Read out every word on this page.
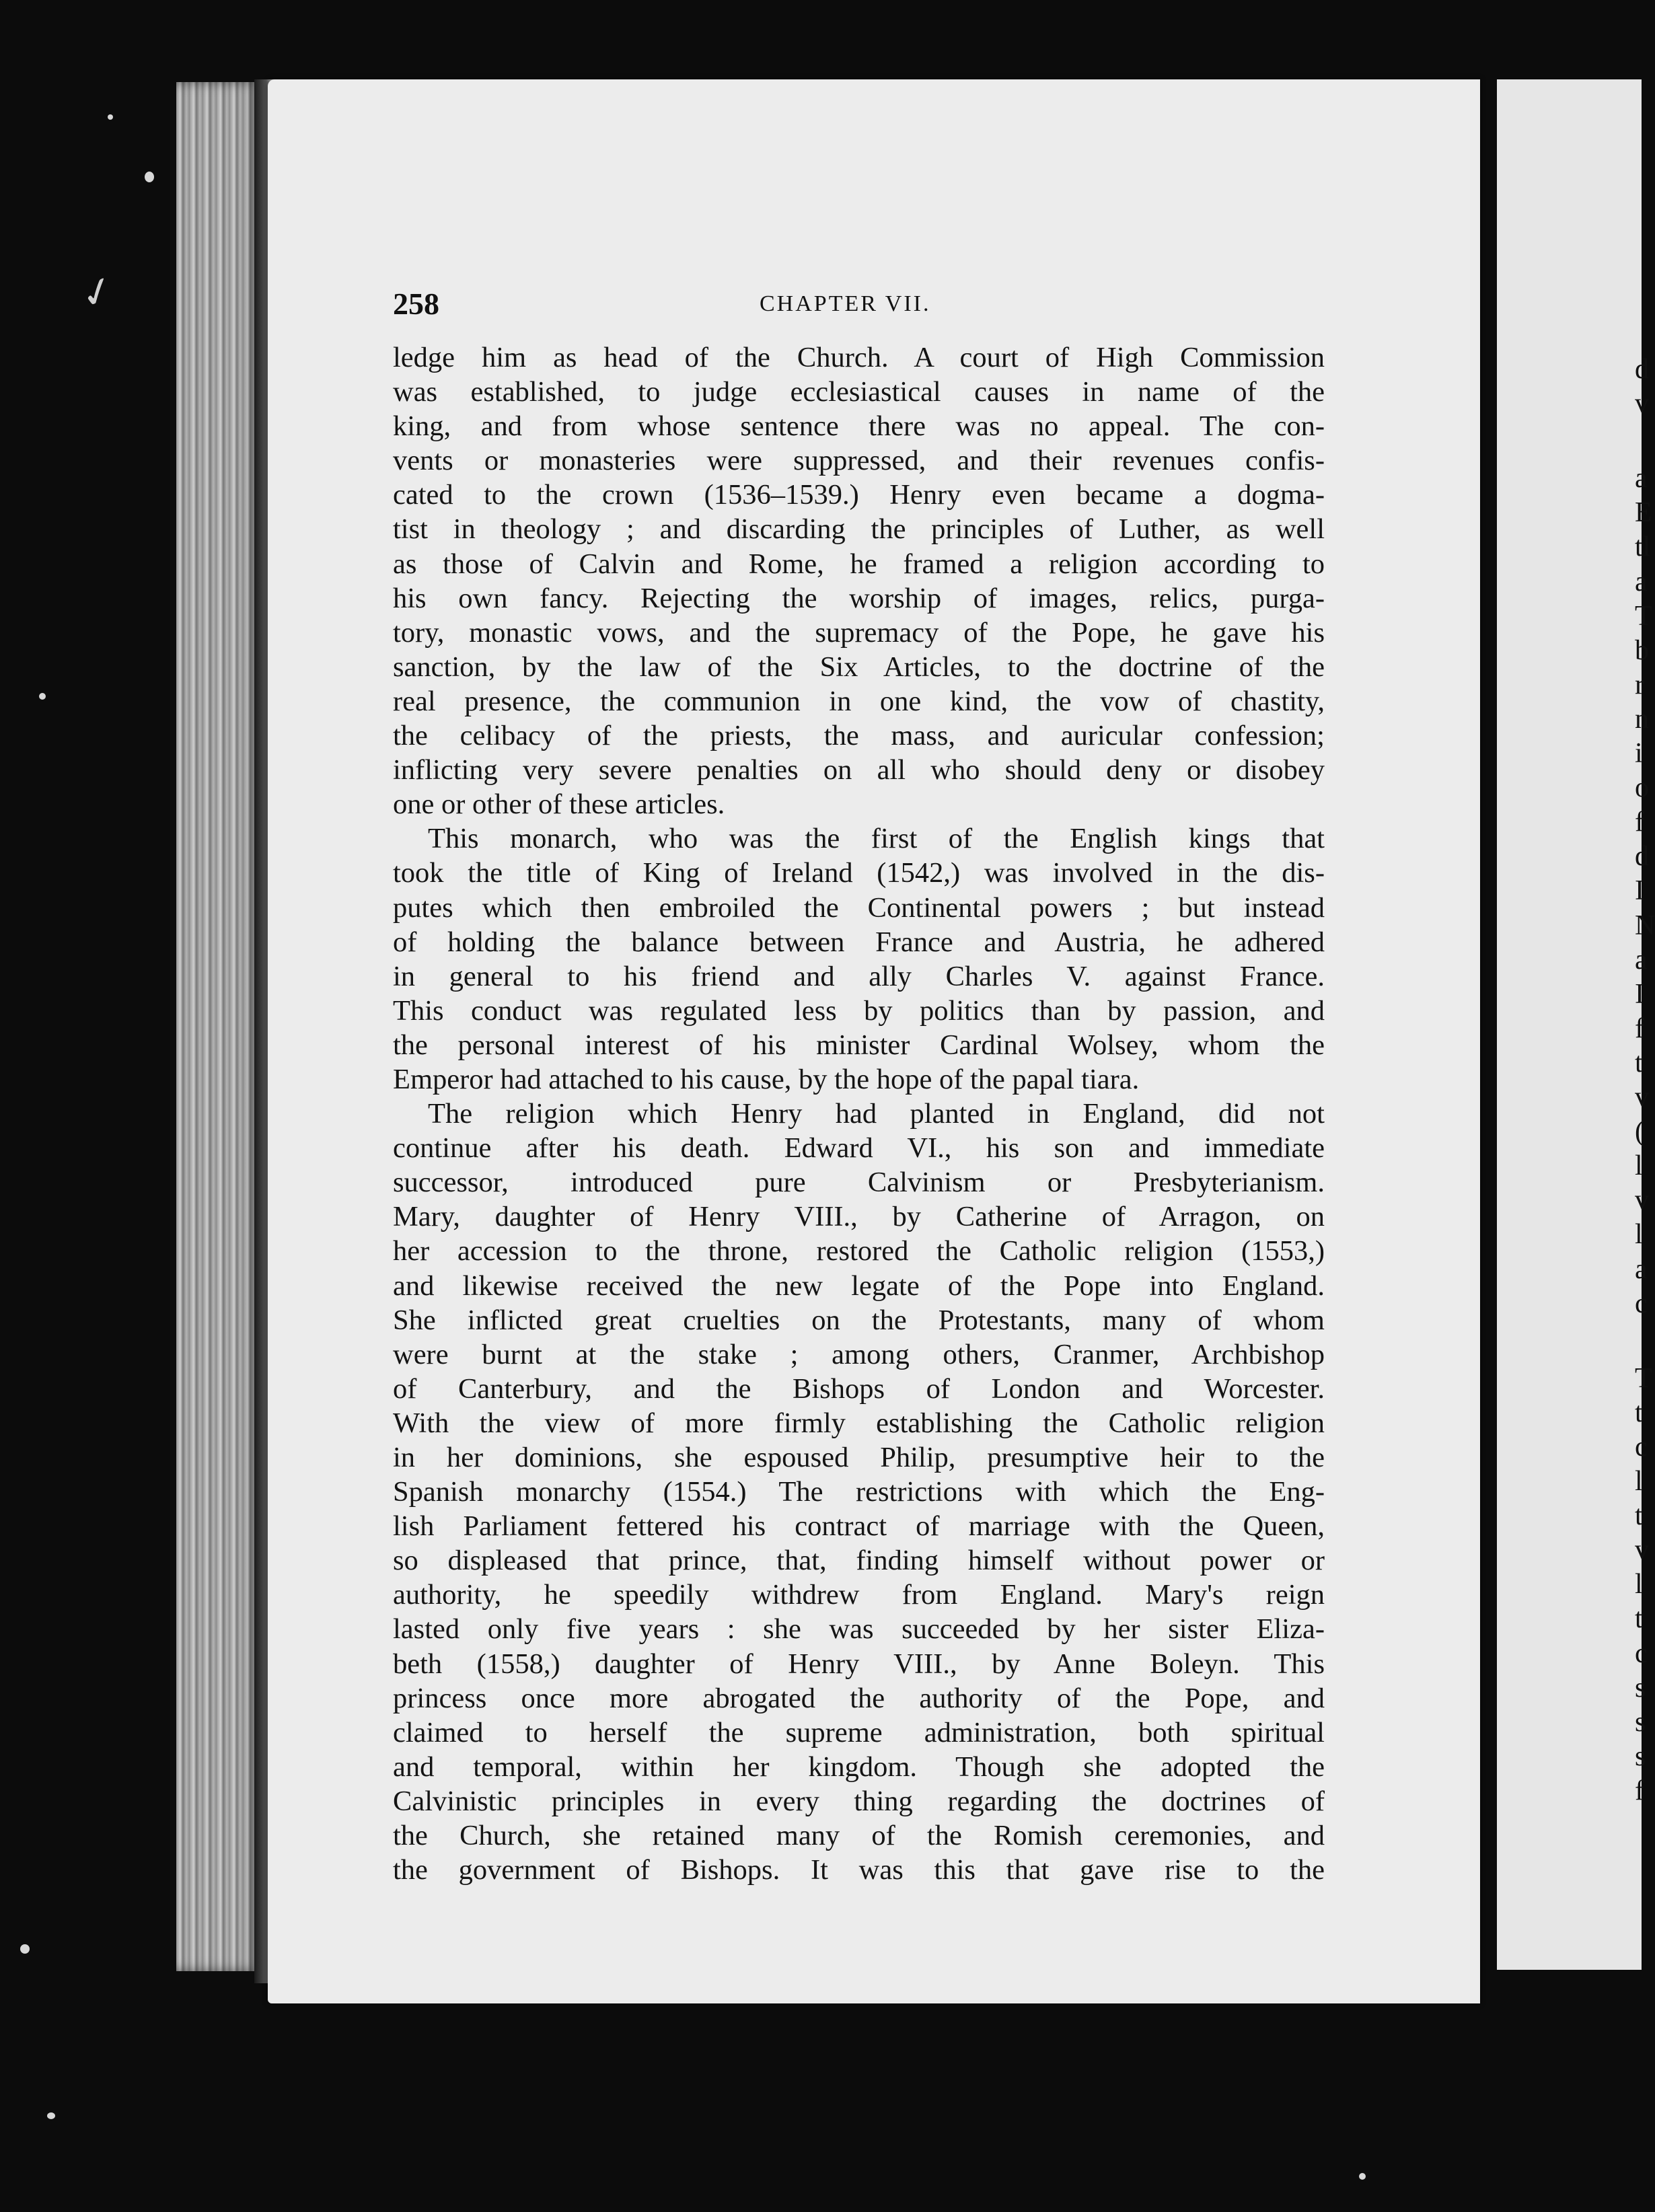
✓
d
v
a
E
tl
a
T
b
r
n
i
o
f
d
I
N
a
I
f
t
v
(
l
v
l
a
c
T
t
c
l
t
v
l
t
c
s
s
s
f
258	CHAPTER VII.
ledge him as head of the Church. A court of High Commission
was established, to judge ecclesiastical causes in name of the
king, and from whose sentence there was no appeal. The con-
vents or monasteries were suppressed, and their revenues confis-
cated to the crown (1536–1539.) Henry even became a dogma-
tist in theology ; and discarding the principles of Luther, as well
as those of Calvin and Rome, he framed a religion according to
his own fancy. Rejecting the worship of images, relics, purga-
tory, monastic vows, and the supremacy of the Pope, he gave his
sanction, by the law of the Six Articles, to the doctrine of the
real presence, the communion in one kind, the vow of chastity,
the celibacy of the priests, the mass, and auricular confession;
inflicting very severe penalties on all who should deny or disobey
one or other of these articles.
This monarch, who was the first of the English kings that
took the title of King of Ireland (1542,) was involved in the dis-
putes which then embroiled the Continental powers ; but instead
of holding the balance between France and Austria, he adhered
in general to his friend and ally Charles V. against France.
This conduct was regulated less by politics than by passion, and
the personal interest of his minister Cardinal Wolsey, whom the
Emperor had attached to his cause, by the hope of the papal tiara.
The religion which Henry had planted in England, did not
continue after his death. Edward VI., his son and immediate
successor, introduced pure Calvinism or Presbyterianism.
Mary, daughter of Henry VIII., by Catherine of Arragon, on
her accession to the throne, restored the Catholic religion (1553,)
and likewise received the new legate of the Pope into England.
She inflicted great cruelties on the Protestants, many of whom
were burnt at the stake ; among others, Cranmer, Archbishop
of Canterbury, and the Bishops of London and Worcester.
With the view of more firmly establishing the Catholic religion
in her dominions, she espoused Philip, presumptive heir to the
Spanish monarchy (1554.) The restrictions with which the Eng-
lish Parliament fettered his contract of marriage with the Queen,
so displeased that prince, that, finding himself without power or
authority, he speedily withdrew from England. Mary's reign
lasted only five years : she was succeeded by her sister Eliza-
beth (1558,) daughter of Henry VIII., by Anne Boleyn. This
princess once more abrogated the authority of the Pope, and
claimed to herself the supreme administration, both spiritual
and temporal, within her kingdom. Though she adopted the
Calvinistic principles in every thing regarding the doctrines of
the Church, she retained many of the Romish ceremonies, and
the government of Bishops. It was this that gave rise to the
